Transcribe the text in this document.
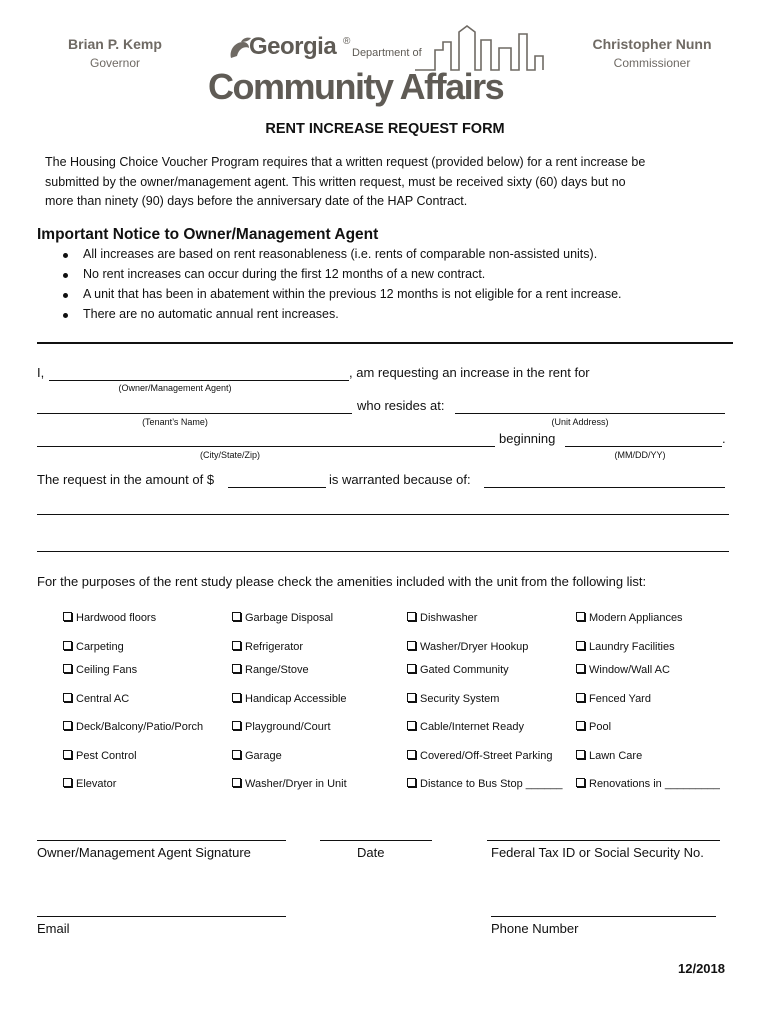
Brian P. Kemp
Governor
Christopher Nunn
Commissioner
Georgia ®
Department of
Community Affairs
RENT INCREASE REQUEST FORM
The Housing Choice Voucher Program requires that a written request (provided below) for a rent increase be
submitted by the owner/management agent. This written request, must be received sixty (60) days but no
more than ninety (90) days before the anniversary date of the HAP Contract.
Important Notice to Owner/Management Agent
All increases are based on rent reasonableness (i.e. rents of comparable non-assisted units).
No rent increases can occur during the first 12 months of a new contract.
A unit that has been in abatement within the previous 12 months is not eligible for a rent increase.
There are no automatic annual rent increases.
I,	, am requesting an increase in the rent for
(Owner/Management Agent)
who resides at:
(Tenant’s Name)	(Unit Address)
beginning	.
(City/State/Zip)	(MM/DD/YY)
The request in the amount of $	is warranted because of:
For the purposes of the rent study please check the amenities included with the unit from the following list:
Hardwood floors	Garbage Disposal	Dishwasher	Modern Appliances
Carpeting	Refrigerator	Washer/Dryer Hookup	Laundry Facilities
Ceiling Fans	Range/Stove	Gated Community	Window/Wall AC
Central AC	Handicap Accessible	Security System	Fenced Yard
Deck/Balcony/Patio/Porch	Playground/Court	Cable/Internet Ready	Pool
Pest Control	Garage	Covered/Off-Street Parking	Lawn Care
Elevator	Washer/Dryer in Unit	Distance to Bus Stop ______	Renovations in _________
Owner/Management Agent Signature	Date	Federal Tax ID or Social Security No.
Email	Phone Number
12/2018
